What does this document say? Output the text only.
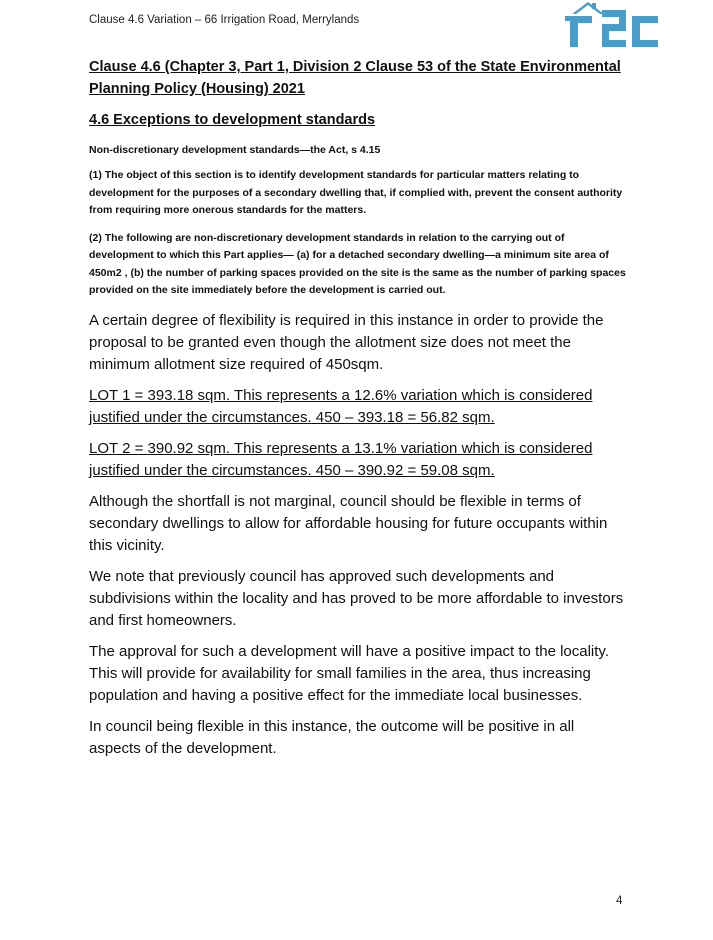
Clause 4.6 Variation – 66 Irrigation Road, Merrylands
Clause 4.6 (Chapter 3, Part 1, Division 2 Clause 53 of the State Environmental Planning Policy (Housing) 2021
4.6 Exceptions to development standards
Non-discretionary development standards—the Act, s 4.15
(1) The object of this section is to identify development standards for particular matters relating to development for the purposes of a secondary dwelling that, if complied with, prevent the consent authority from requiring more onerous standards for the matters.
(2) The following are non-discretionary development standards in relation to the carrying out of development to which this Part applies— (a) for a detached secondary dwelling—a minimum site area of 450m2 , (b) the number of parking spaces provided on the site is the same as the number of parking spaces provided on the site immediately before the development is carried out.

A certain degree of flexibility is required in this instance in order to provide the proposal to be granted even though the allotment size does not meet the minimum allotment size required of 450sqm.

LOT 1 = 393.18 sqm. This represents a 12.6% variation which is considered justified under the circumstances. 450 – 393.18 = 56.82 sqm.

LOT 2 = 390.92 sqm. This represents a 13.1% variation which is considered justified under the circumstances. 450 – 390.92 = 59.08 sqm.

Although the shortfall is not marginal, council should be flexible in terms of secondary dwellings to allow for affordable housing for future occupants within this vicinity.

We note that previously council has approved such developments and subdivisions within the locality and has proved to be more affordable to investors and first homeowners.

The approval for such a development will have a positive impact to the locality. This will provide for availability for small families in the area, thus increasing population and having a positive effect for the immediate local businesses.

In council being flexible in this instance, the outcome will be positive in all aspects of the development.

4
